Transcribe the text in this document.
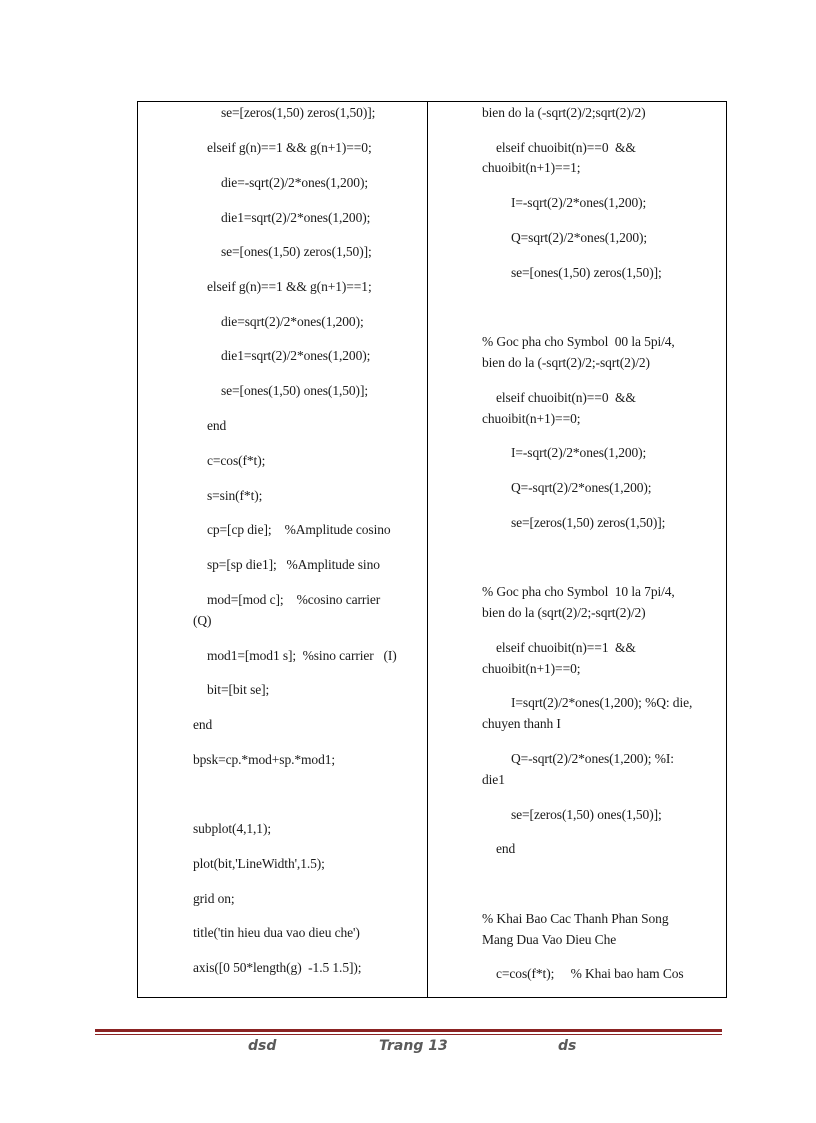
se=[zeros(1,50) zeros(1,50)];
elseif g(n)==1 && g(n+1)==0;
die=-sqrt(2)/2*ones(1,200);
die1=sqrt(2)/2*ones(1,200);
se=[ones(1,50) zeros(1,50)];
elseif g(n)==1 && g(n+1)==1;
die=sqrt(2)/2*ones(1,200);
die1=sqrt(2)/2*ones(1,200);
se=[ones(1,50) ones(1,50)];
end
c=cos(f*t);
s=sin(f*t);
cp=[cp die];    %Amplitude cosino
sp=[sp die1];   %Amplitude sino
mod=[mod c];    %cosino carrier
(Q)
mod1=[mod1 s];  %sino carrier   (I)
bit=[bit se];
end
bpsk=cp.*mod+sp.*mod1;
subplot(4,1,1);
plot(bit,'LineWidth',1.5);
grid on;
title('tin hieu dua vao dieu che')
axis([0 50*length(g)  -1.5 1.5]);
bien do la (-sqrt(2)/2;sqrt(2)/2)
elseif chuoibit(n)==0  &&
chuoibit(n+1)==1;
I=-sqrt(2)/2*ones(1,200);
Q=sqrt(2)/2*ones(1,200);
se=[ones(1,50) zeros(1,50)];
% Goc pha cho Symbol  00 la 5pi/4,
bien do la (-sqrt(2)/2;-sqrt(2)/2)
elseif chuoibit(n)==0  &&
chuoibit(n+1)==0;
I=-sqrt(2)/2*ones(1,200);
Q=-sqrt(2)/2*ones(1,200);
se=[zeros(1,50) zeros(1,50)];
% Goc pha cho Symbol  10 la 7pi/4,
bien do la (sqrt(2)/2;-sqrt(2)/2)
elseif chuoibit(n)==1  &&
chuoibit(n+1)==0;
I=sqrt(2)/2*ones(1,200); %Q: die,
chuyen thanh I
Q=-sqrt(2)/2*ones(1,200); %I:
die1
se=[zeros(1,50) ones(1,50)];
end
% Khai Bao Cac Thanh Phan Song
Mang Dua Vao Dieu Che
c=cos(f*t);     % Khai bao ham Cos
dsd	Trang 13	ds
